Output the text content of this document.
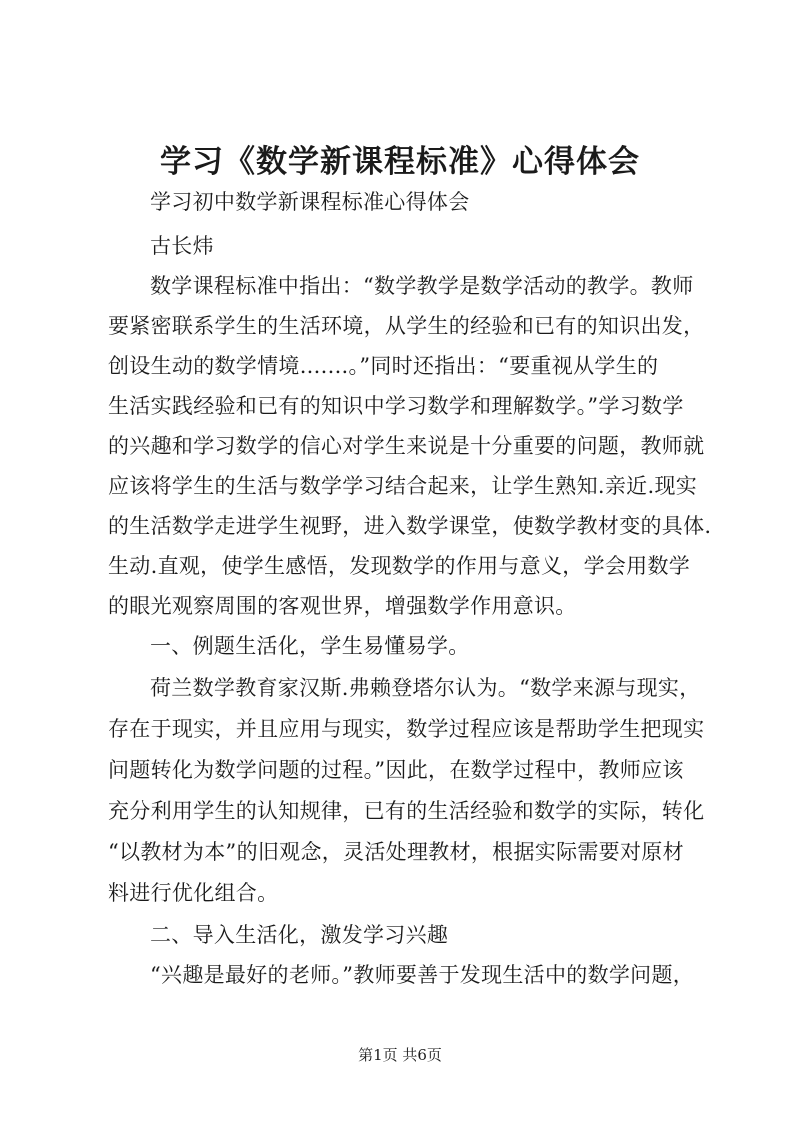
学习《数学新课程标准》心得体会
学习初中数学新课程标准心得体会
古长炜
数学课程标准中指出：“数学教学是数学活动的教学。教师
要紧密联系学生的生活环境，从学生的经验和已有的知识出发，
创设生动的数学情境.......。”同时还指出：“要重视从学生的
生活实践经验和已有的知识中学习数学和理解数学。”学习数学
的兴趣和学习数学的信心对学生来说是十分重要的问题，教师就
应该将学生的生活与数学学习结合起来，让学生熟知.亲近.现实
的生活数学走进学生视野，进入数学课堂，使数学教材变的具体.
生动.直观，使学生感悟，发现数学的作用与意义，学会用数学
的眼光观察周围的客观世界，增强数学作用意识。
一、例题生活化，学生易懂易学。
荷兰数学教育家汉斯.弗赖登塔尔认为。“数学来源与现实，
存在于现实，并且应用与现实，数学过程应该是帮助学生把现实
问题转化为数学问题的过程。”因此，在数学过程中，教师应该
充分利用学生的认知规律，已有的生活经验和数学的实际，转化
“以教材为本”的旧观念，灵活处理教材，根据实际需要对原材
料进行优化组合。
二、导入生活化，激发学习兴趣
“兴趣是最好的老师。”教师要善于发现生活中的数学问题，
第1页 共6页
